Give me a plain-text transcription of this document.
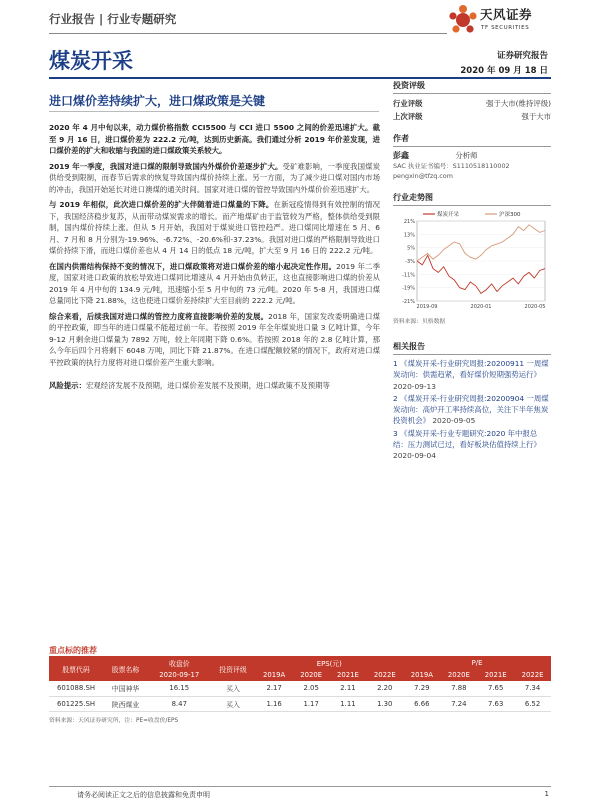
行业报告 | 行业专题研究	天风证券
TF SECURITIES
煤炭开采	证券研究报告
2020 年 09 月 18 日
进口煤价差持续扩大，进口煤政策是关键

2020 年 4 月中旬以来，动力煤价格指数 CCI5500 与 CCI 进口 5500 之间的价差迅速扩大。截至 9 月 16 日，进口煤价差为 222.2 元/吨，达到历史新高。我们通过分析 2019 年价差发现，进口煤价差的扩大和收缩与我国的进口煤政策关系较大。

2019 年一季度，我国对进口煤的限制导致国内外煤价价差逐步扩大。受矿难影响，一季度我国煤炭供给受到限制，而春节后需求的恢复导致国内煤价持续上涨。另一方面，为了减少进口煤对国内市场的冲击，我国开始延长对进口澳煤的通关时间。国家对进口煤的管控导致国内外煤价价差迅速扩大。

与 2019 年相似，此次进口煤价差的扩大伴随着进口煤量的下降。在新冠疫情得到有效控制的情况下，我国经济稳步复苏，从而带动煤炭需求的增长。而产地煤矿由于监管较为严格，整体供给受到限制，国内煤价持续上涨。但从 5 月开始，我国对于煤炭进口管控趋严。进口煤同比增速在 5 月、6 月、7 月和 8 月分别为-19.96%、-6.72%、-20.6%和-37.23%。我国对进口煤的严格限制导致进口煤价持续下滑，而进口煤价差也从 4 月 14 日的低点 18 元/吨，扩大至 9 月 16 日的 222.2 元/吨。

在国内供需结构保持不变的情况下，进口煤政策将对进口煤价差的缩小起决定性作用。2019 年二季度，国家对进口政策的放松导致进口煤同比增速从 4 月开始由负转正，这也直接影响进口煤的价差从 2019 年 4 月中旬的 134.9 元/吨，迅速缩小至 5 月中旬的 73 元/吨。2020 年 5-8 月，我国进口煤总量同比下降 21.88%，这也使进口煤价差持续扩大至目前的 222.2 元/吨。

综合来看，后续我国对进口煤的管控力度将直接影响价差的发展。2018 年，国家发改委明确进口煤的平控政策，即当年的进口煤量不能超过前一年。若按照 2019 年全年煤炭进口量 3 亿吨计算，今年 9-12 月剩余进口煤量为 7892 万吨，较上年同期下降 0.6%。若按照 2018 年的 2.8 亿吨计算，那么今年后四个月将剩下 6048 万吨，同比下降 21.87%。在进口煤配额较紧的情况下，政府对进口煤平控政策的执行力度将对进口煤价差产生重大影响。

风险提示：宏观经济发展不及预期，进口煤价差发展不及预期，进口煤政策不及预期等

投资评级
行业评级	强于大市(维持评级)
上次评级	强于大市
作者
彭鑫	分析师
SAC 执业证书编号：S1110518110002
pengxin@tfzq.com
行业走势图
21%
13%
5%
-3%
-11%
-19%
-21%
2019-09	2020-01	2020-05
煤炭开采	沪深300
资料来源：贝格数据
相关报告
1 《煤炭开采-行业研究周报:20200911 一周煤炭动向：供需趋紧，看好煤价短期强势运行》 2020-09-13
2 《煤炭开采-行业研究周报:20200904 一周煤炭动向：高炉开工率持续高位，关注下半年焦炭投资机会》 2020-09-05
3 《煤炭开采-行业专题研究:2020 年中报总结：压力测试已过，看好板块估值持续上行》 2020-09-04
重点标的推荐
股票代码	股票名称	收盘价	投资评级	EPS(元)				P/E			
		2020-09-17		2019A	2020E	2021E	2022E	2019A	2020E	2021E	2022E
601088.SH	中国神华	16.15	买入	2.17	2.05	2.11	2.20	7.29	7.88	7.65	7.34
601225.SH	陕西煤业	8.47	买入	1.16	1.17	1.11	1.30	6.66	7.24	7.63	6.52
资料来源：天风证券研究所，注：PE=收盘价/EPS
请务必阅读正文之后的信息披露和免责申明	1
